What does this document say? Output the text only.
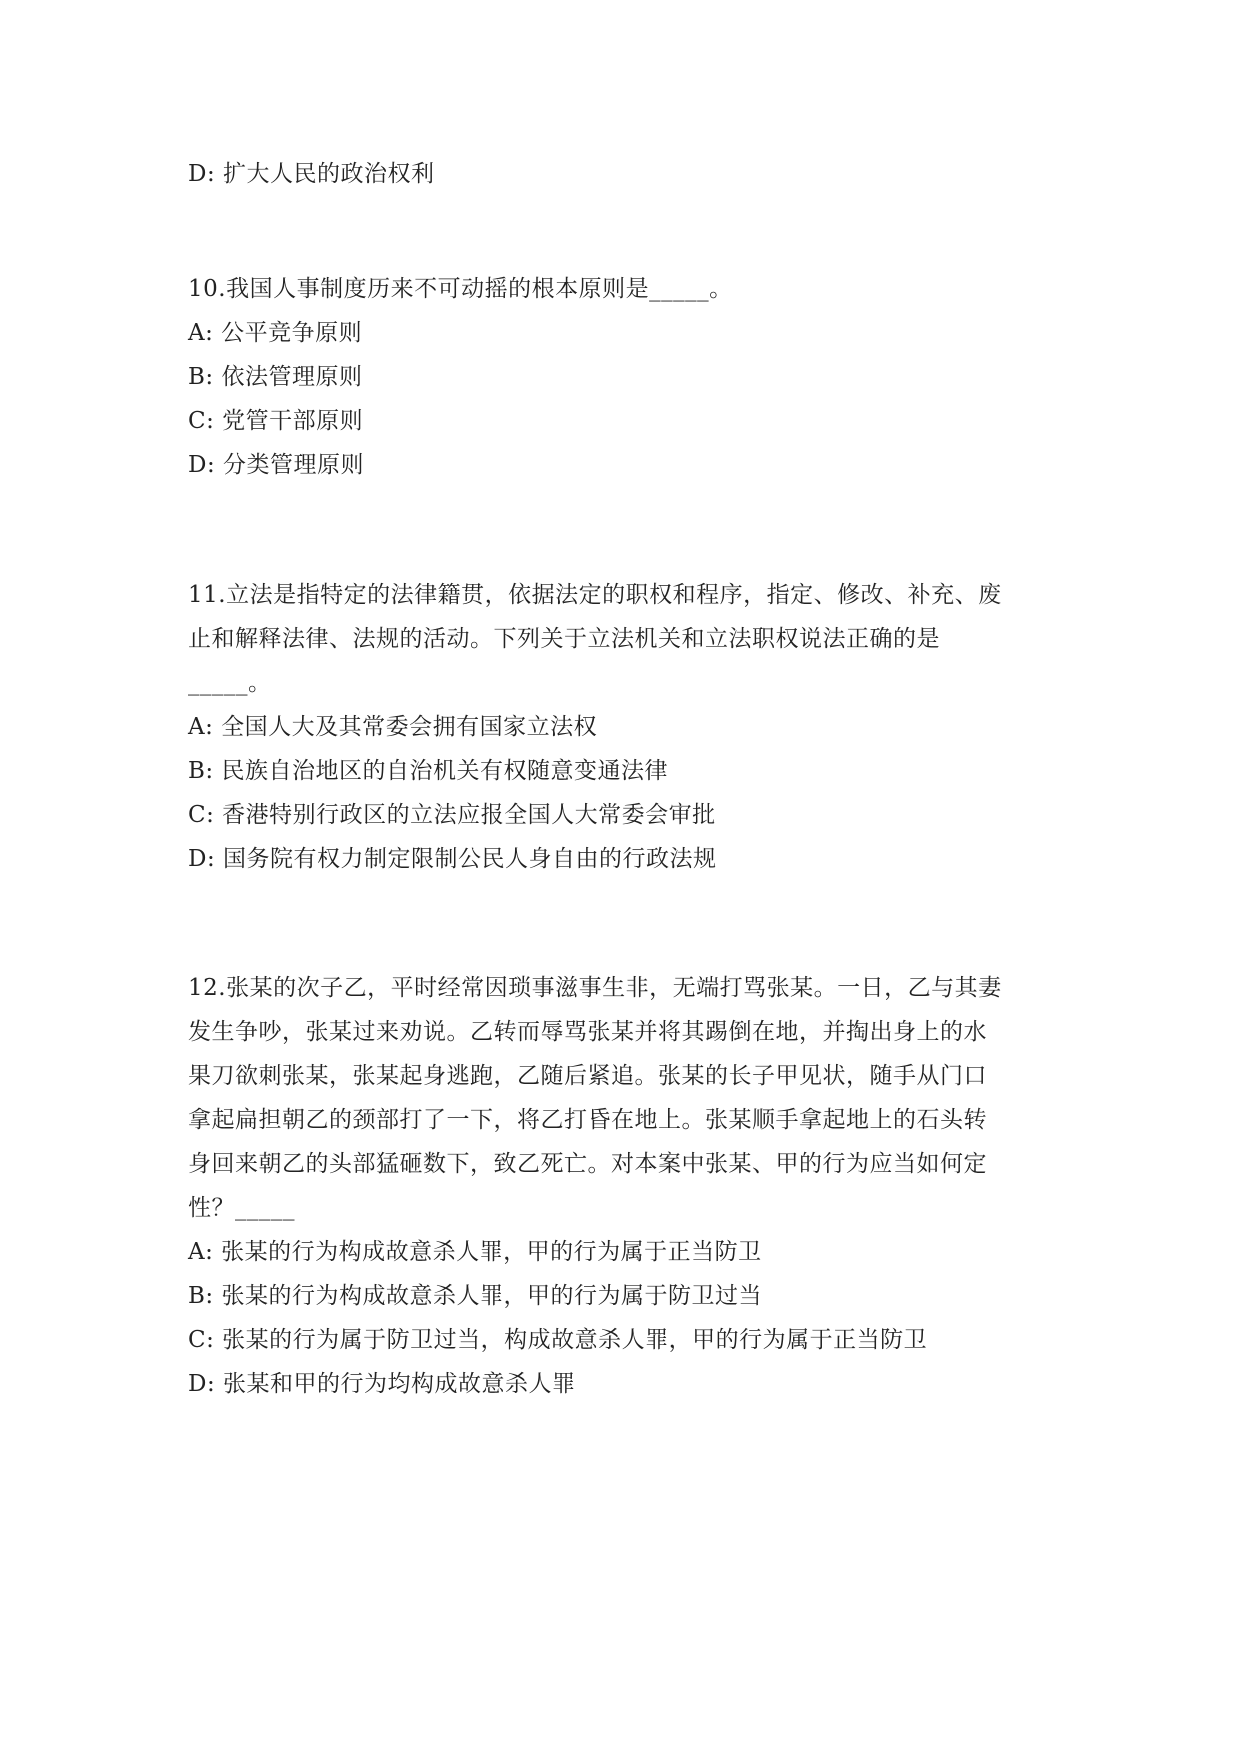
D: 扩大人民的政治权利
10.我国人事制度历来不可动摇的根本原则是_____。
A: 公平竞争原则
B: 依法管理原则
C: 党管干部原则
D: 分类管理原则
11.立法是指特定的法律籍贯，依据法定的职权和程序，指定、修改、补充、废
止和解释法律、法规的活动。下列关于立法机关和立法职权说法正确的是
_____。
A: 全国人大及其常委会拥有国家立法权
B: 民族自治地区的自治机关有权随意变通法律
C: 香港特别行政区的立法应报全国人大常委会审批
D: 国务院有权力制定限制公民人身自由的行政法规
12.张某的次子乙，平时经常因琐事滋事生非，无端打骂张某。一日，乙与其妻
发生争吵，张某过来劝说。乙转而辱骂张某并将其踢倒在地，并掏出身上的水
果刀欲刺张某，张某起身逃跑，乙随后紧追。张某的长子甲见状，随手从门口
拿起扁担朝乙的颈部打了一下，将乙打昏在地上。张某顺手拿起地上的石头转
身回来朝乙的头部猛砸数下，致乙死亡。对本案中张某、甲的行为应当如何定
性？_____
A: 张某的行为构成故意杀人罪，甲的行为属于正当防卫
B: 张某的行为构成故意杀人罪，甲的行为属于防卫过当
C: 张某的行为属于防卫过当，构成故意杀人罪，甲的行为属于正当防卫
D: 张某和甲的行为均构成故意杀人罪
